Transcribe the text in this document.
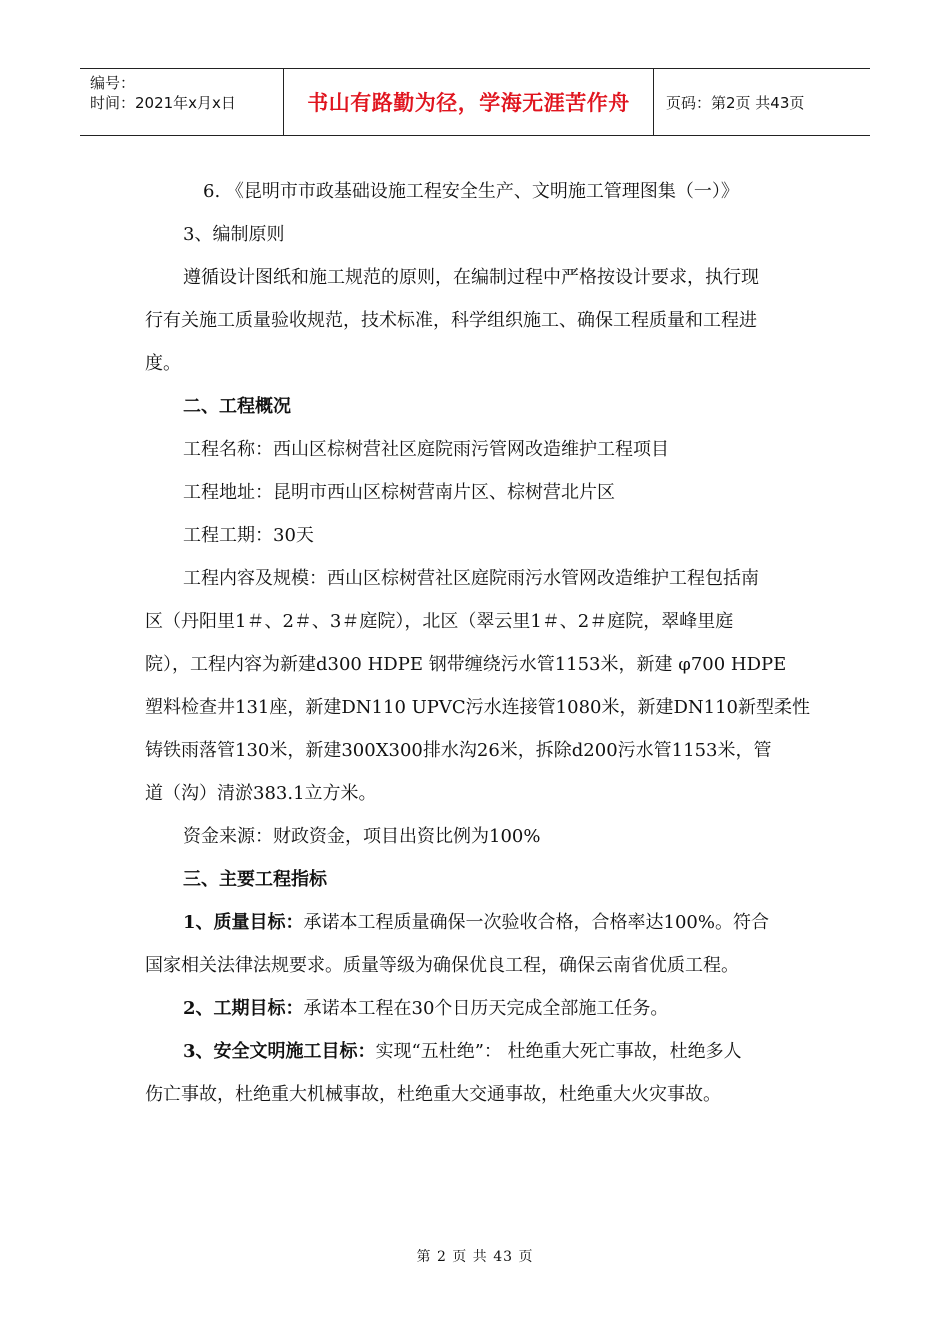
编号：
时间：2021年x月x日	书山有路勤为径，学海无涯苦作舟	页码：第2页 共43页
6. 《昆明市市政基础设施工程安全生产、文明施工管理图集（一）》
3、编制原则
遵循设计图纸和施工规范的原则，在编制过程中严格按设计要求，执行现
行有关施工质量验收规范，技术标准，科学组织施工、确保工程质量和工程进
度。
二、工程概况
工程名称：西山区棕树营社区庭院雨污管网改造维护工程项目
工程地址：昆明市西山区棕树营南片区、棕树营北片区
工程工期：30天
工程内容及规模：西山区棕树营社区庭院雨污水管网改造维护工程包括南
区（丹阳里1＃、2＃、3＃庭院），北区（翠云里1＃、2＃庭院，翠峰里庭
院），工程内容为新建d300 HDPE 钢带缠绕污水管1153米，新建 φ700 HDPE
塑料检查井131座，新建DN110 UPVC污水连接管1080米，新建DN110新型柔性
铸铁雨落管130米，新建300X300排水沟26米，拆除d200污水管1153米，管
道（沟）清淤383.1立方米。
资金来源：财政资金，项目出资比例为100%
三、主要工程指标
1、质量目标：承诺本工程质量确保一次验收合格，合格率达100%。符合
国家相关法律法规要求。质量等级为确保优良工程，确保云南省优质工程。
2、工期目标：承诺本工程在30个日历天完成全部施工任务。
3、安全文明施工目标：实现“五杜绝”： 杜绝重大死亡事故，杜绝多人
伤亡事故，杜绝重大机械事故，杜绝重大交通事故，杜绝重大火灾事故。
第 2 页 共 43 页
